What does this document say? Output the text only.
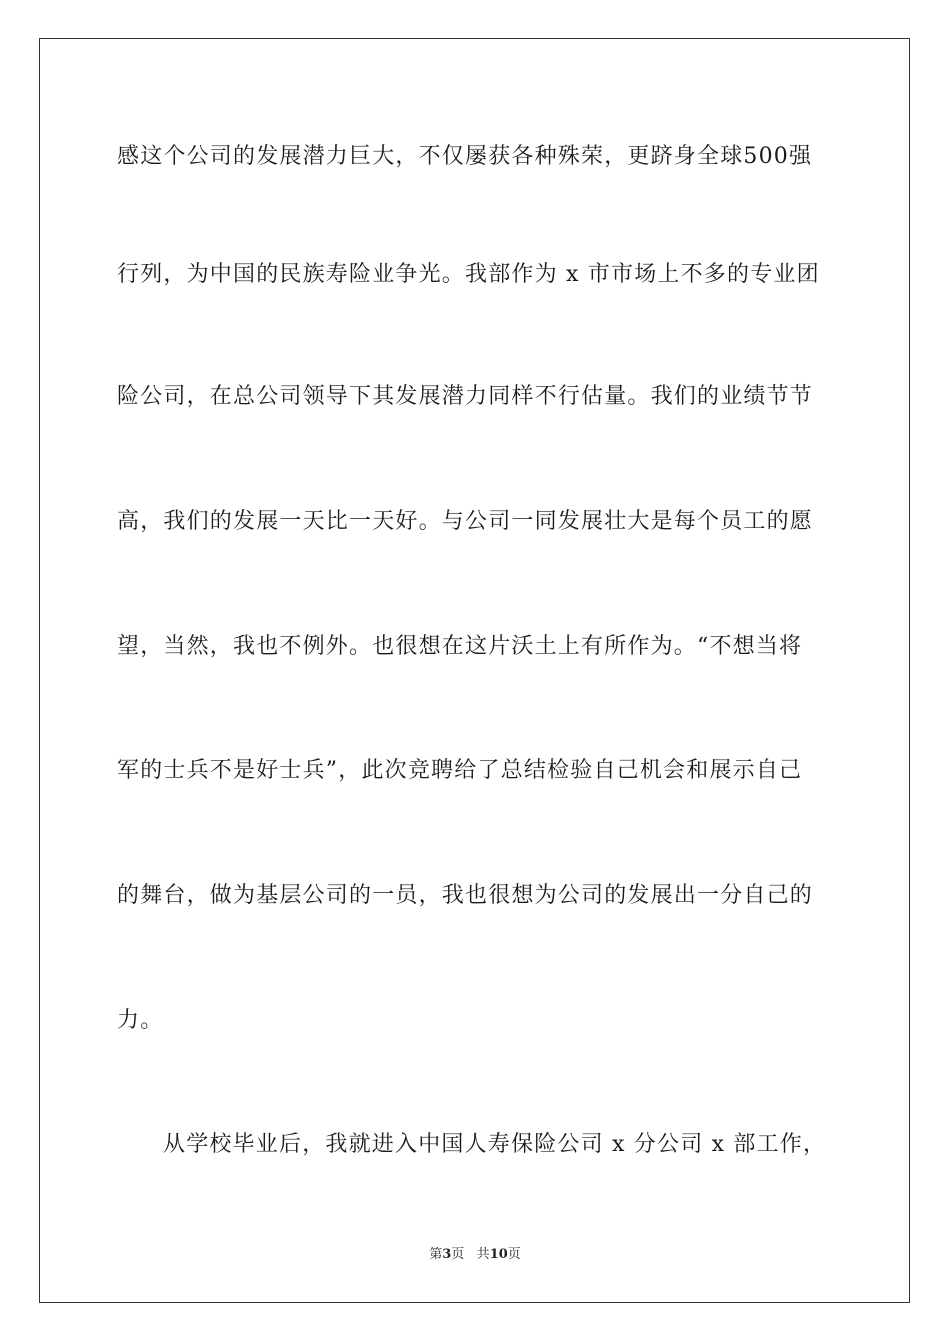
感这个公司的发展潜力巨大，不仅屡获各种殊荣，更跻身全球500强
行列，为中国的民族寿险业争光。我部作为 x 市市场上不多的专业团
险公司，在总公司领导下其发展潜力同样不行估量。我们的业绩节节
高，我们的发展一天比一天好。与公司一同发展壮大是每个员工的愿
望，当然，我也不例外。也很想在这片沃土上有所作为。“不想当将
军的士兵不是好士兵”，此次竞聘给了总结检验自己机会和展示自己
的舞台，做为基层公司的一员，我也很想为公司的发展出一分自己的
力。
从学校毕业后，我就进入中国人寿保险公司 x 分公司 x 部工作，
第3页 共10页
